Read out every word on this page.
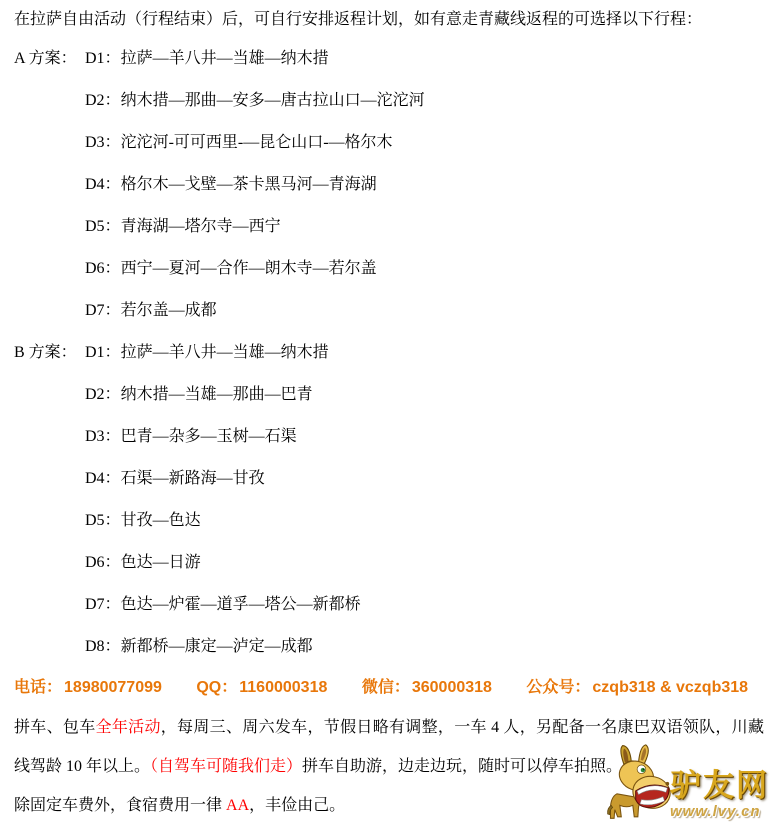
在拉萨自由活动（行程结束）后，可自行安排返程计划，如有意走青藏线返程的可选择以下行程：
A 方案： D1：拉萨—羊八井—当雄—纳木措
D2：纳木措—那曲—安多—唐古拉山口—沱沱河
D3：沱沱河-可可西里-—昆仑山口-—格尔木
D4：格尔木—戈壁—茶卡黑马河—青海湖
D5：青海湖—塔尔寺—西宁
D6：西宁—夏河—合作—朗木寺—若尔盖
D7：若尔盖—成都
B 方案： D1：拉萨—羊八井—当雄—纳木措
D2：纳木措—当雄—那曲—巴青
D3：巴青—杂多—玉树—石渠
D4：石渠—新路海—甘孜
D5：甘孜—色达
D6：色达—日游
D7：色达—炉霍—道孚—塔公—新都桥
D8：新都桥—康定—泸定—成都
电话： 18980077099 QQ： 1160000318 微信： 360000318 公众号： czqb318 & vczqb318

拼车、包车全年活动，每周三、周六发车，节假日略有调整，一车 4 人，另配备一名康巴双语领队，川藏线驾龄 10 年以上。（自驾车可随我们走）拼车自助游，边走边玩，随时可以停车拍照。

除固定车费外，食宿费用一律 AA，丰俭由己。

驴友网
www.lvy.cn
